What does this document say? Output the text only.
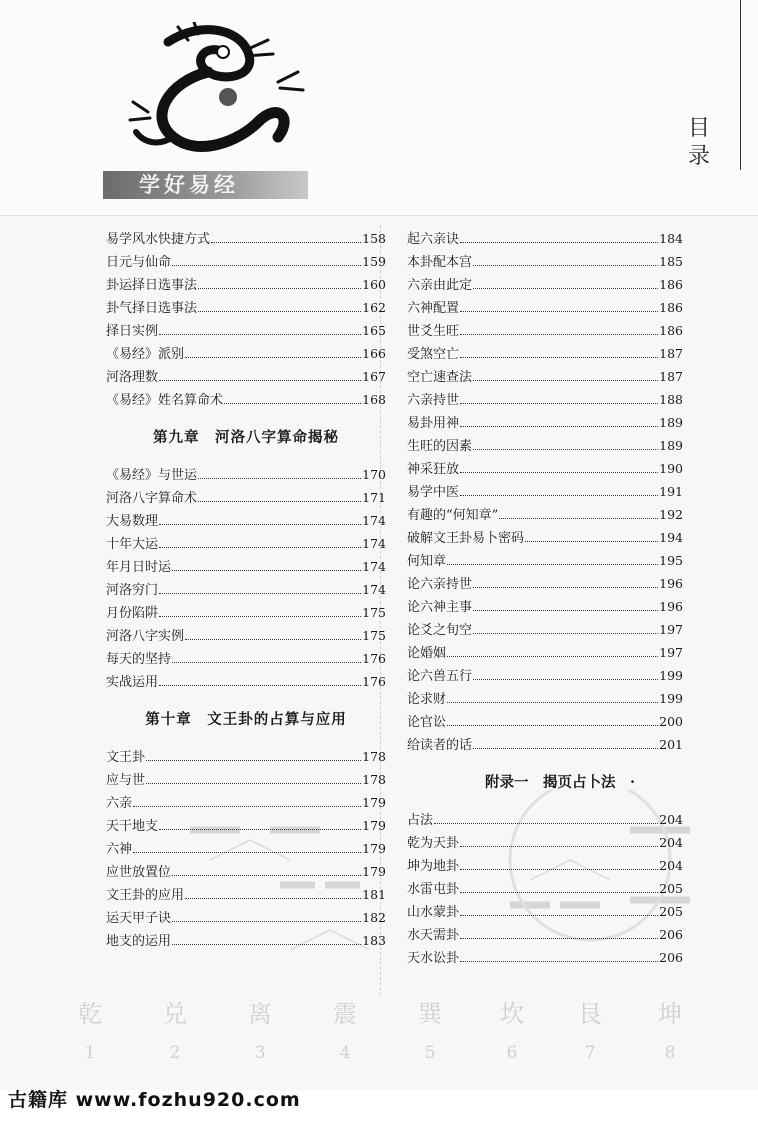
学好易经
目录
易学风水快捷方式	158
日元与仙命	159
卦运择日选事法	160
卦气择日选事法	162
择日实例	165
《易经》派别	166
河洛理数	167
《易经》姓名算命术	168
第九章　河洛八字算命揭秘
《易经》与世运	170
河洛八字算命术	171
大易数理	174
十年大运	174
年月日时运	174
河洛穷门	174
月份陷阱	175
河洛八字实例	175
每天的坚持	176
实战运用	176
第十章　文王卦的占算与应用
文王卦	178
应与世	178
六亲	179
天干地支	179
六神	179
应世放置位	179
文王卦的应用	181
运天甲子诀	182
地支的运用	183
起六亲诀	184
本卦配本宫	185
六亲由此定	186
六神配置	186
世爻生旺	186
受煞空亡	187
空亡速查法	187
六亲持世	188
易卦用神	189
生旺的因素	189
神采狂放	190
易学中医	191
有趣的“何知章”	192
破解文王卦易卜密码	194
何知章	195
论六亲持世	196
论六神主事	196
论爻之旬空	197
论婚姻	197
论六兽五行	199
论求财	199
论官讼	200
给读者的话	201
附录一　揭页占卜法　·
占法	204
乾为天卦	204
坤为地卦	204
水雷屯卦	205
山水蒙卦	205
水天需卦	206
天水讼卦	206
乾
1
兑
2
离
3
震
4
巽
5
坎
6
艮
7
坤
8
古籍库 www.fozhu920.com
